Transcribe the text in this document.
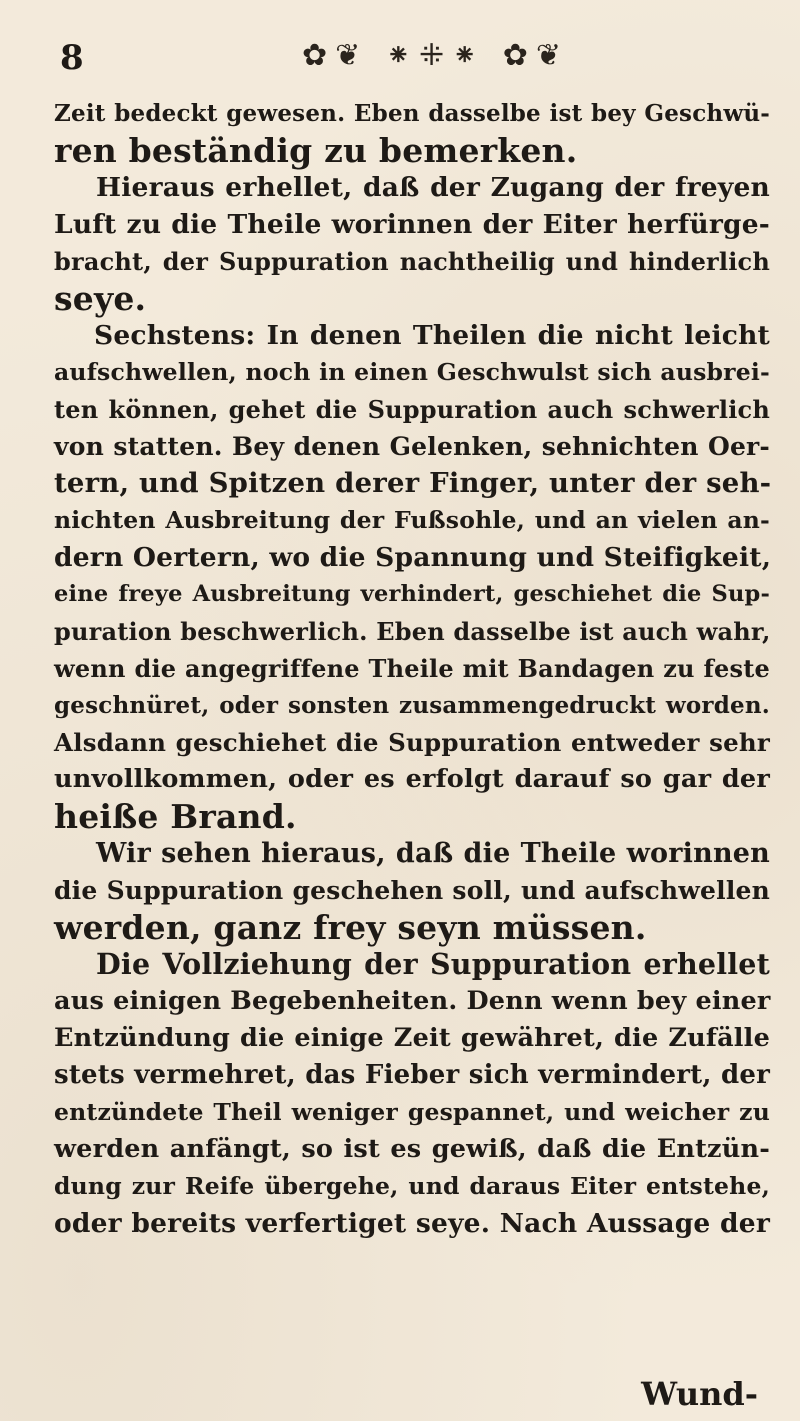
8	✿❦ ⁕⁜⁕ ✿❦
Zeit bedeckt gewesen. Eben dasselbe ist bey Geschwü-
ren beständig zu bemerken.
Hieraus erhellet, daß der Zugang der freyen
Luft zu die Theile worinnen der Eiter herfürge-
bracht, der Suppuration nachtheilig und hinderlich
seye.
Sechstens: In denen Theilen die nicht leicht
aufschwellen, noch in einen Geschwulst sich ausbrei-
ten können, gehet die Suppuration auch schwerlich
von statten. Bey denen Gelenken, sehnichten Oer-
tern, und Spitzen derer Finger, unter der seh-
nichten Ausbreitung der Fußsohle, und an vielen an-
dern Oertern, wo die Spannung und Steifigkeit,
eine freye Ausbreitung verhindert, geschiehet die Sup-
puration beschwerlich. Eben dasselbe ist auch wahr,
wenn die angegriffene Theile mit Bandagen zu feste
geschnüret, oder sonsten zusammengedruckt worden.
Alsdann geschiehet die Suppuration entweder sehr
unvollkommen, oder es erfolgt darauf so gar der
heiße Brand.
Wir sehen hieraus, daß die Theile worinnen
die Suppuration geschehen soll, und aufschwellen
werden, ganz frey seyn müssen.
Die Vollziehung der Suppuration erhellet
aus einigen Begebenheiten. Denn wenn bey einer
Entzündung die einige Zeit gewähret, die Zufälle
stets vermehret, das Fieber sich vermindert, der
entzündete Theil weniger gespannet, und weicher zu
werden anfängt, so ist es gewiß, daß die Entzün-
dung zur Reife übergehe, und daraus Eiter entstehe,
oder bereits verfertiget seye. Nach Aussage der
Wund-
